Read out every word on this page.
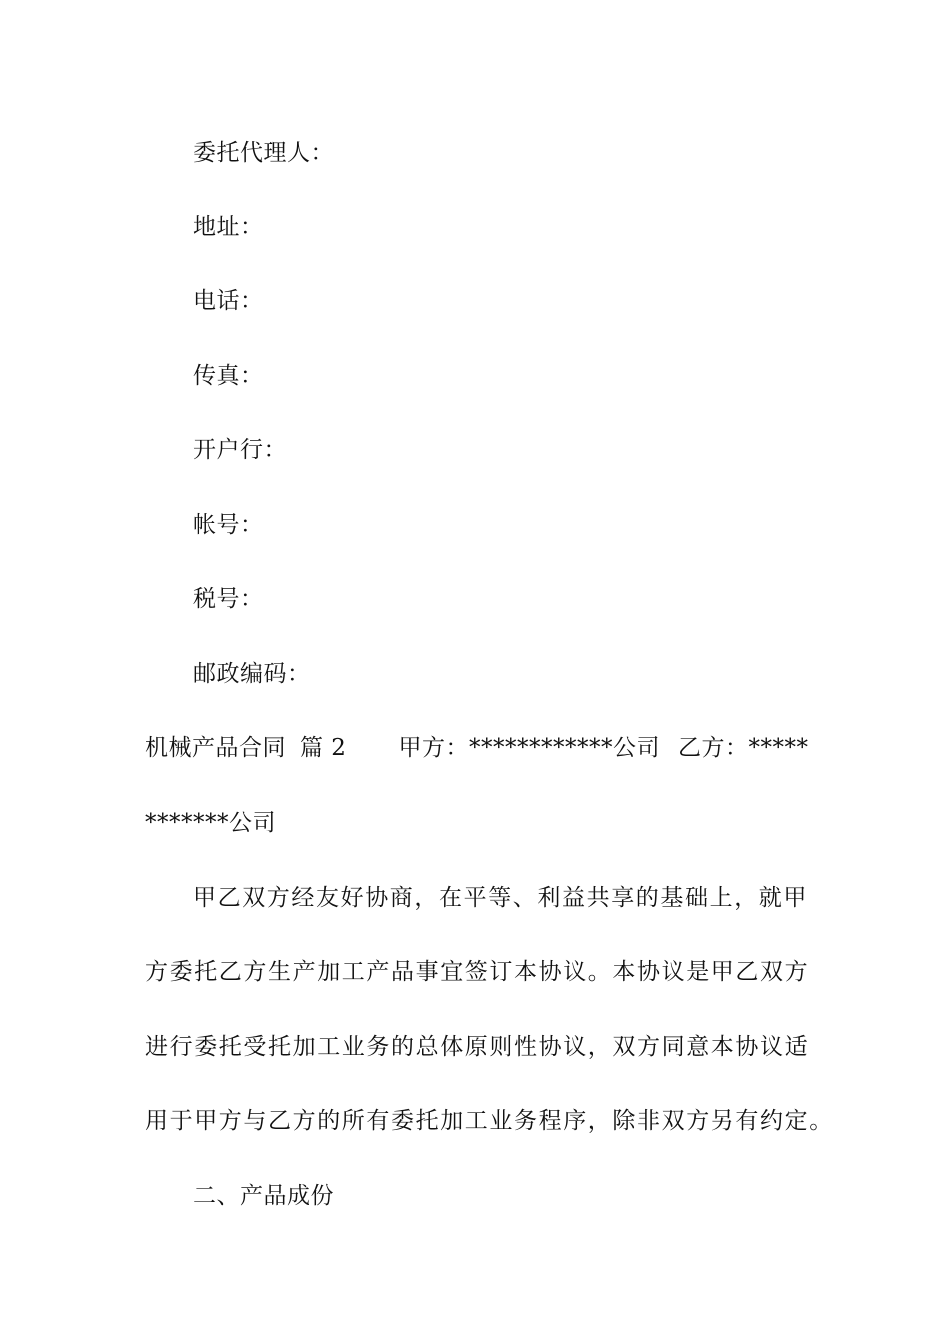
委托代理人：
地址：
电话：
传真：
开户行：
帐号：
税号：
邮政编码：
机械产品合同 篇 2 甲方：************公司 乙方：*****
*******公司
甲乙双方经友好协商，在平等、利益共享的基础上，就甲
方委托乙方生产加工产品事宜签订本协议。本协议是甲乙双方
进行委托受托加工业务的总体原则性协议，双方同意本协议适
用于甲方与乙方的所有委托加工业务程序，除非双方另有约定。
二、产品成份
